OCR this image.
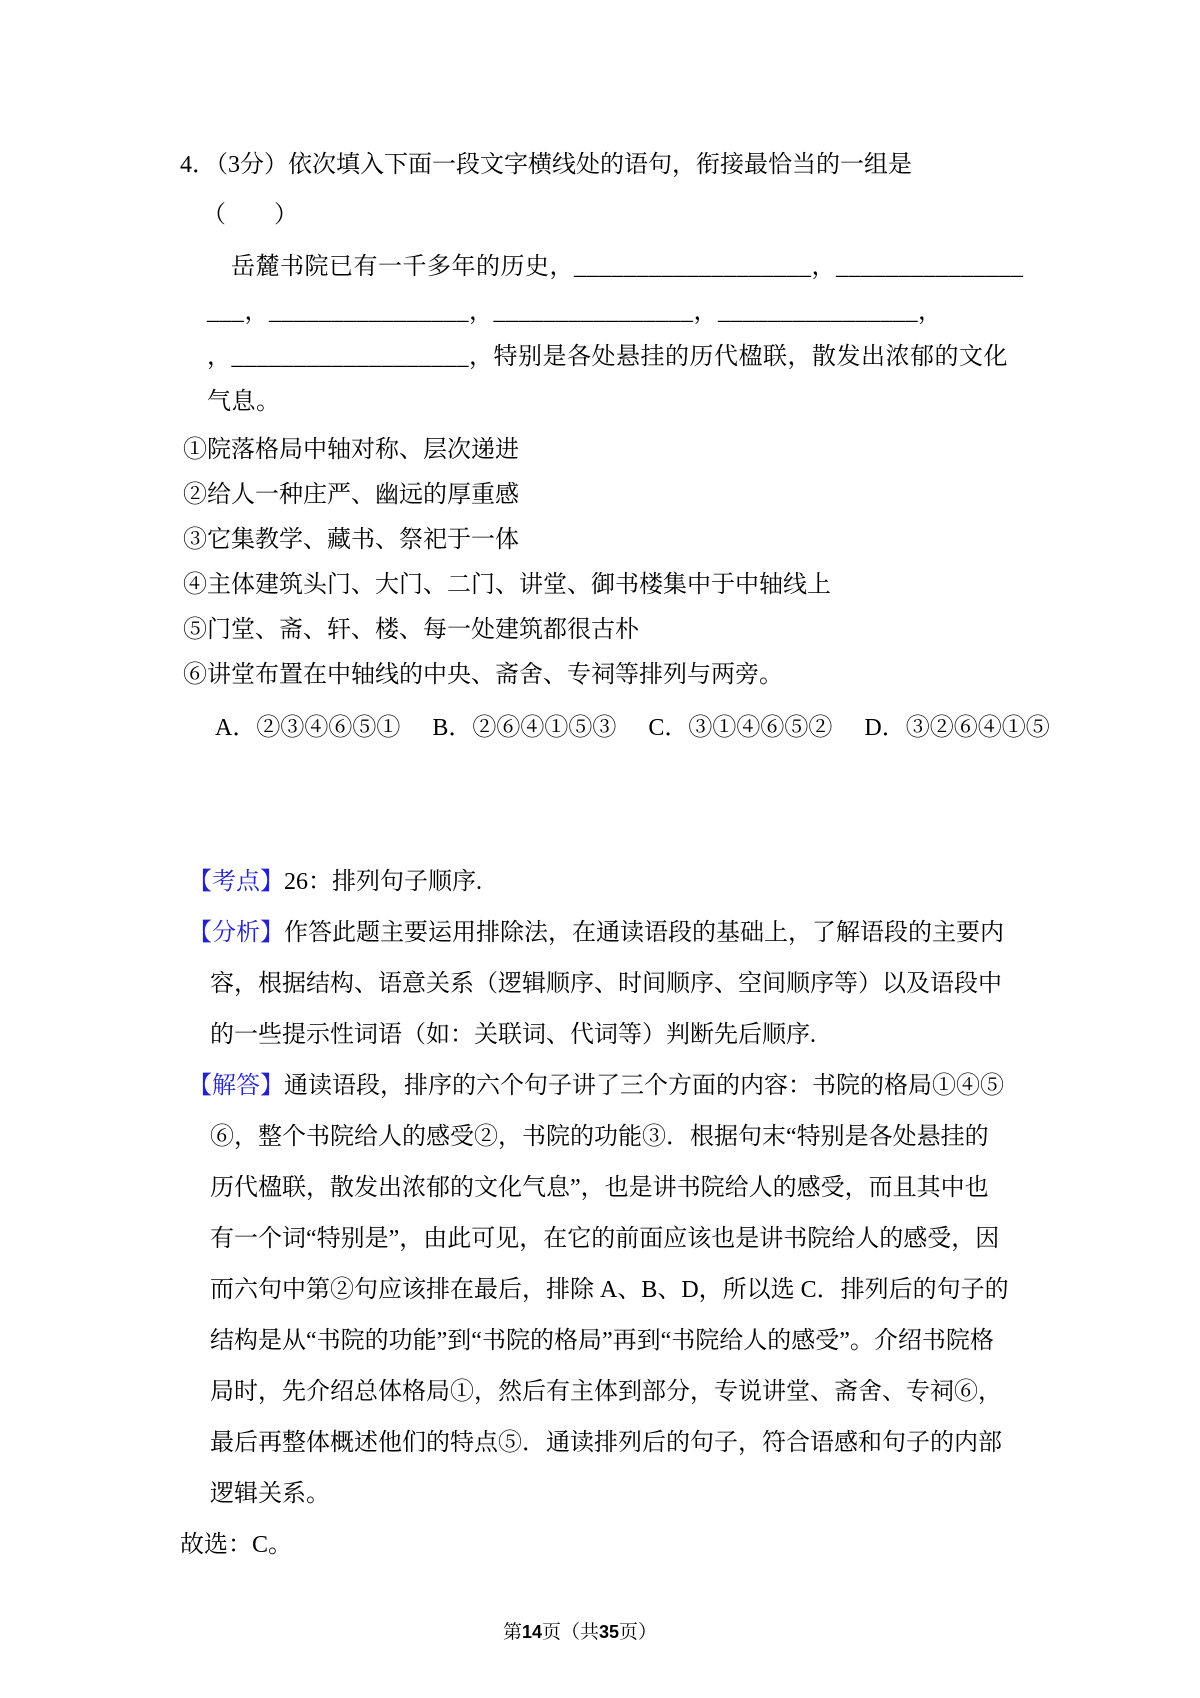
4．（3分）依次填入下面一段文字横线处的语句，衔接最恰当的一组是
（　　）
岳麓书院已有一千多年的历史，___________________，_______________
___，________________，________________，________________，
，___________________，特别是各处悬挂的历代楹联，散发出浓郁的文化
气息。
①院落格局中轴对称、层次递进
②给人一种庄严、幽远的厚重感
③它集教学、藏书、祭祀于一体
④主体建筑头门、大门、二门、讲堂、御书楼集中于中轴线上
⑤门堂、斋、轩、楼、每一处建筑都很古朴
⑥讲堂布置在中轴线的中央、斋舍、专祠等排列与两旁。
A．②③④⑥⑤① B．②⑥④①⑤③ C．③①④⑥⑤② D．③②⑥④①⑤
【考点】26：排列句子顺序.
【分析】作答此题主要运用排除法，在通读语段的基础上，了解语段的主要内
容，根据结构、语意关系（逻辑顺序、时间顺序、空间顺序等）以及语段中
的一些提示性词语（如：关联词、代词等）判断先后顺序.
【解答】通读语段，排序的六个句子讲了三个方面的内容：书院的格局①④⑤
⑥，整个书院给人的感受②，书院的功能③．根据句末“特别是各处悬挂的
历代楹联，散发出浓郁的文化气息”，也是讲书院给人的感受，而且其中也
有一个词“特别是”，由此可见，在它的前面应该也是讲书院给人的感受，因
而六句中第②句应该排在最后，排除 A、B、D，所以选 C．排列后的句子的
结构是从“书院的功能”到“书院的格局”再到“书院给人的感受”。介绍书院格
局时，先介绍总体格局①，然后有主体到部分，专说讲堂、斋舍、专祠⑥，
最后再整体概述他们的特点⑤．通读排列后的句子，符合语感和句子的内部
逻辑关系。
故选：C。
第14页（共35页）
